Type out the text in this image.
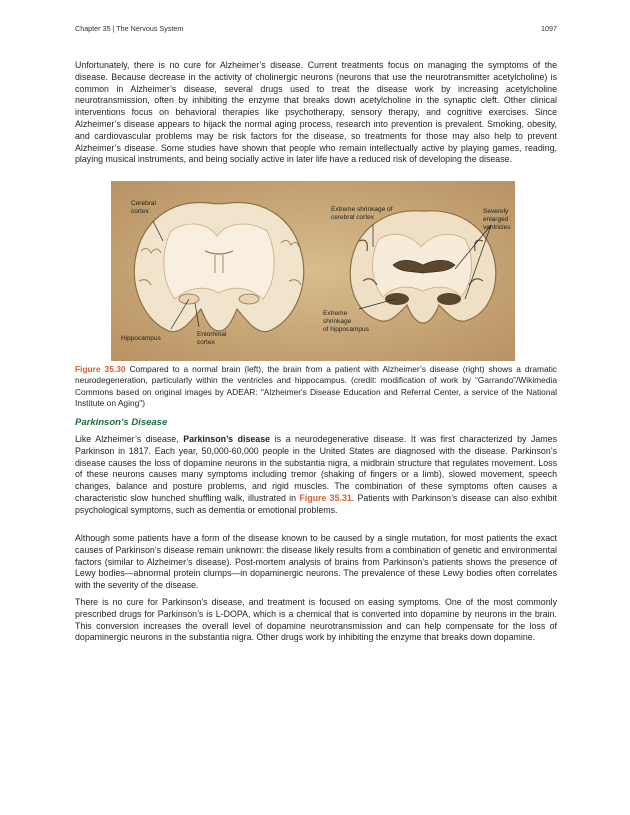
Chapter 35 | The Nervous System	1097

Unfortunately, there is no cure for Alzheimer’s disease. Current treatments focus on managing the symptoms of the disease. Because decrease in the activity of cholinergic neurons (neurons that use the neurotransmitter acetylcholine) is common in Alzheimer’s disease, several drugs used to treat the disease work by increasing acetylcholine neurotransmission, often by inhibiting the enzyme that breaks down acetylcholine in the synaptic cleft. Other clinical interventions focus on behavioral therapies like psychotherapy, sensory therapy, and cognitive exercises. Since Alzheimer’s disease appears to hijack the normal aging process, research into prevention is prevalent. Smoking, obesity, and cardiovascular problems may be risk factors for the disease, so treatments for those may also help to prevent Alzheimer’s disease. Some studies have shown that people who remain intellectually active by playing games, reading, playing musical instruments, and being socially active in later life have a reduced risk of developing the disease.

Cerebral
cortex
Hippocampus
Entorhinal
cortex
Extreme shrinkage of
cerebral cortex
Severely
enlarged
ventricles
Extreme
shrinkage
of hippocampus
Figure 35.30 Compared to a normal brain (left), the brain from a patient with Alzheimer’s disease (right) shows a dramatic neurodegeneration, particularly within the ventricles and hippocampus. (credit: modification of work by “Garrando”/Wikimedia Commons based on original images by ADEAR: "Alzheimer's Disease Education and Referral Center, a service of the National Institute on Aging")
Parkinson’s Disease

Like Alzheimer’s disease, Parkinson’s disease is a neurodegenerative disease. It was first characterized by James Parkinson in 1817. Each year, 50,000-60,000 people in the United States are diagnosed with the disease. Parkinson’s disease causes the loss of dopamine neurons in the substantia nigra, a midbrain structure that regulates movement. Loss of these neurons causes many symptoms including tremor (shaking of fingers or a limb), slowed movement, speech changes, balance and posture problems, and rigid muscles. The combination of these symptoms often causes a characteristic slow hunched shuffling walk, illustrated in Figure 35.31. Patients with Parkinson’s disease can also exhibit psychological symptoms, such as dementia or emotional problems.

Although some patients have a form of the disease known to be caused by a single mutation, for most patients the exact causes of Parkinson’s disease remain unknown: the disease likely results from a combination of genetic and environmental factors (similar to Alzheimer’s disease). Post-mortem analysis of brains from Parkinson’s patients shows the presence of Lewy bodies—abnormal protein clumps—in dopaminergic neurons. The prevalence of these Lewy bodies often correlates with the severity of the disease.

There is no cure for Parkinson’s disease, and treatment is focused on easing symptoms. One of the most commonly prescribed drugs for Parkinson’s is L-DOPA, which is a chemical that is converted into dopamine by neurons in the brain. This conversion increases the overall level of dopamine neurotransmission and can help compensate for the loss of dopaminergic neurons in the substantia nigra. Other drugs work by inhibiting the enzyme that breaks down dopamine.
